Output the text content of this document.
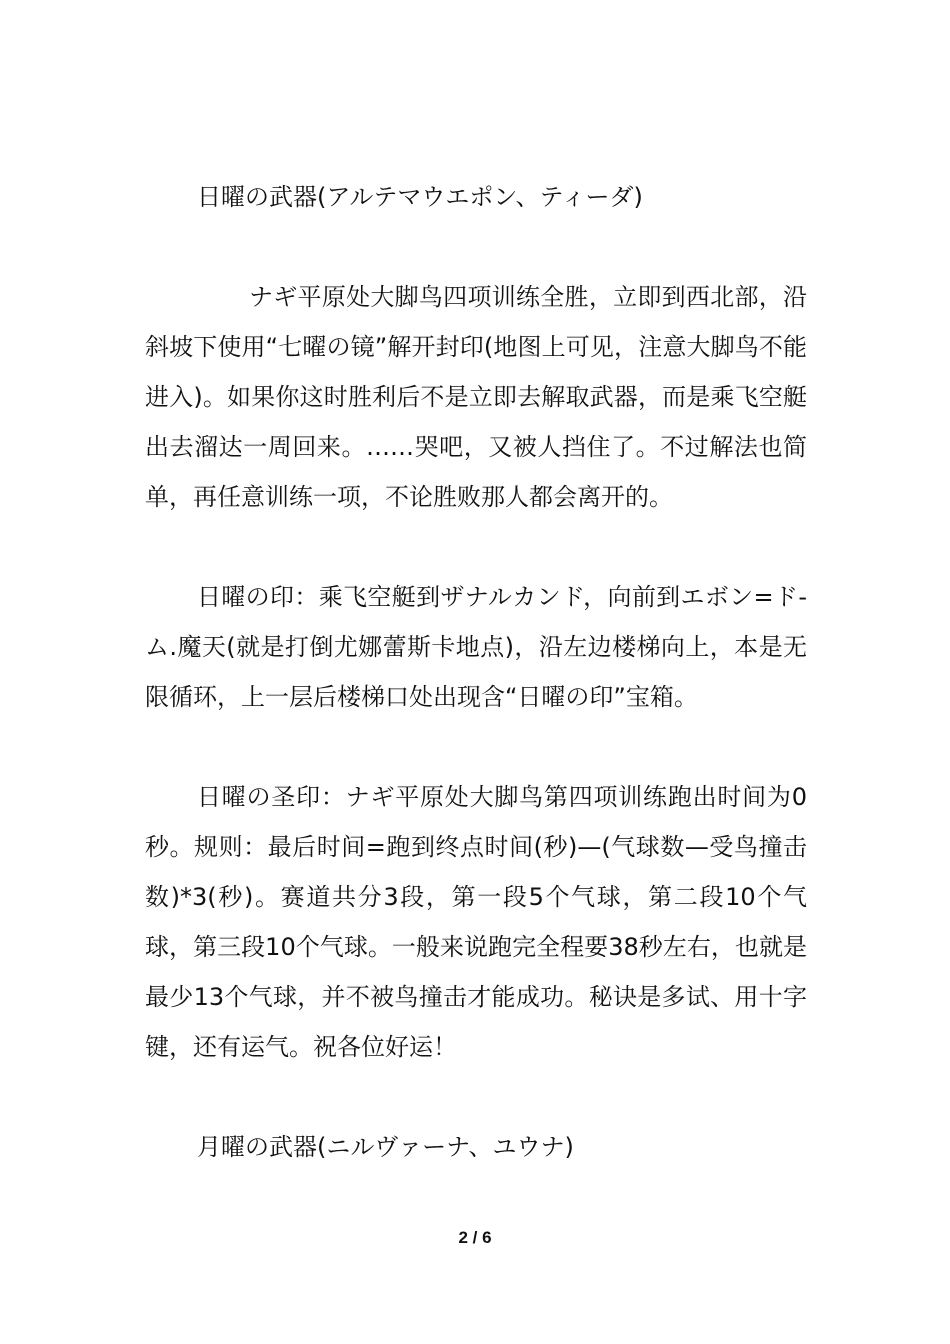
日曜の武器(アルテマウエポン、ティーダ)

ナギ平原处大脚鸟四项训练全胜，立即到西北部，沿斜坡下使用“七曜の镜”解开封印(地图上可见，注意大脚鸟不能进入)。如果你这时胜利后不是立即去解取武器，而是乘飞空艇出去溜达一周回来。……哭吧，又被人挡住了。不过解法也简单，再任意训练一项，不论胜败那人都会离开的。

日曜の印：乘飞空艇到ザナルカンド，向前到エボン=ド-ム.魔天(就是打倒尤娜蕾斯卡地点)，沿左边楼梯向上，本是无限循环，上一层后楼梯口处出现含“日曜の印”宝箱。

日曜の圣印：ナギ平原处大脚鸟第四项训练跑出时间为0秒。规则：最后时间=跑到终点时间(秒)—(气球数—受鸟撞击数)*3(秒)。赛道共分3段，第一段5个气球，第二段10个气球，第三段10个气球。一般来说跑完全程要38秒左右，也就是最少13个气球，并不被鸟撞击才能成功。秘诀是多试、用十字键，还有运气。祝各位好运！

月曜の武器(ニルヴァーナ、ユウナ)

2 / 6
